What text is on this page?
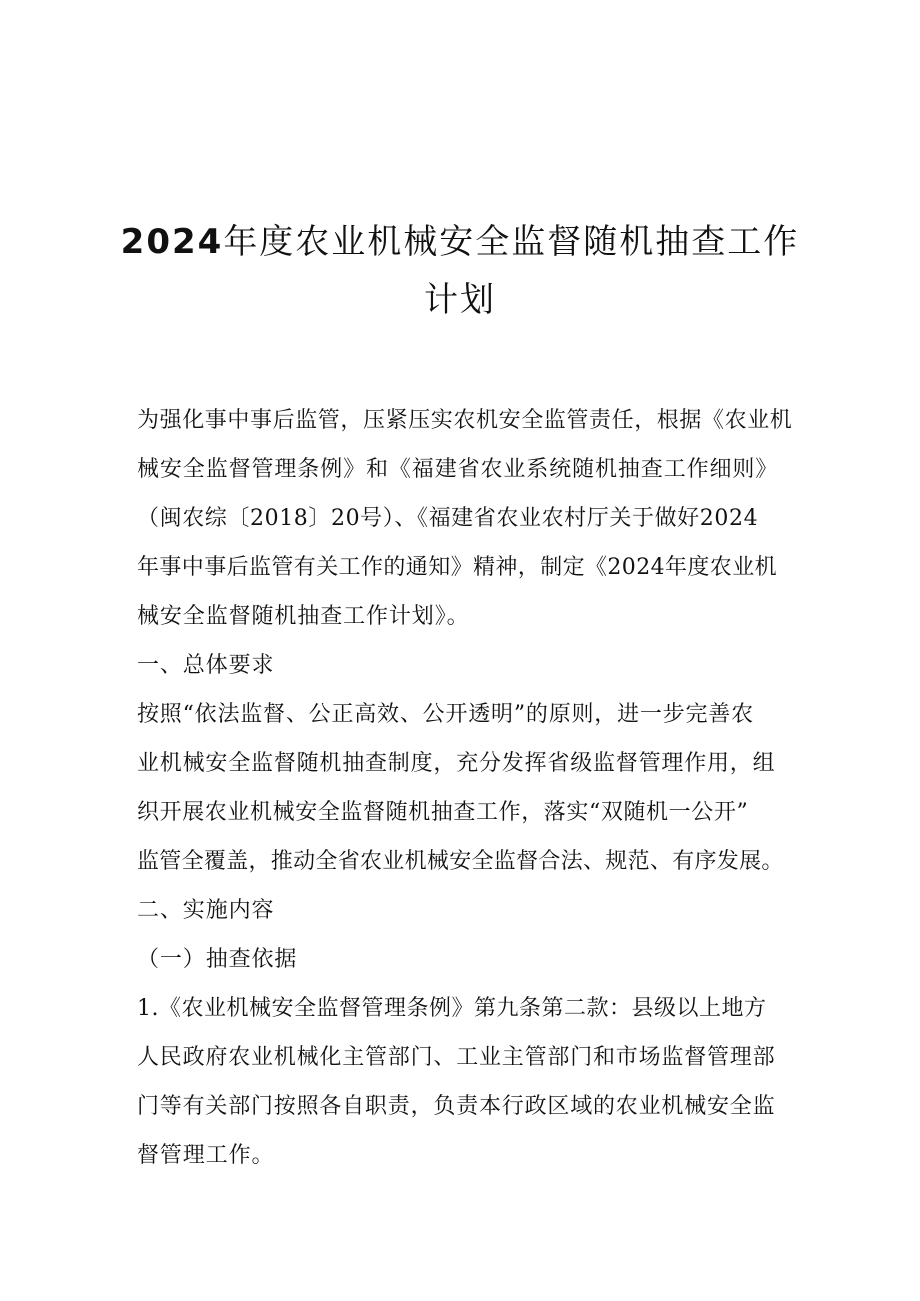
2024年度农业机械安全监督随机抽查工作
计划
为强化事中事后监管，压紧压实农机安全监管责任，根据《农业机
械安全监督管理条例》和《福建省农业系统随机抽查工作细则》
（闽农综〔2018〕20号）、《福建省农业农村厅关于做好2024
年事中事后监管有关工作的通知》精神，制定《2024年度农业机
械安全监督随机抽查工作计划》。
一、总体要求
按照“依法监督、公正高效、公开透明”的原则，进一步完善农
业机械安全监督随机抽查制度，充分发挥省级监督管理作用，组
织开展农业机械安全监督随机抽查工作，落实“双随机一公开”
监管全覆盖，推动全省农业机械安全监督合法、规范、有序发展。
二、实施内容
（一）抽查依据
1.《农业机械安全监督管理条例》第九条第二款：县级以上地方
人民政府农业机械化主管部门、工业主管部门和市场监督管理部
门等有关部门按照各自职责，负责本行政区域的农业机械安全监
督管理工作。
